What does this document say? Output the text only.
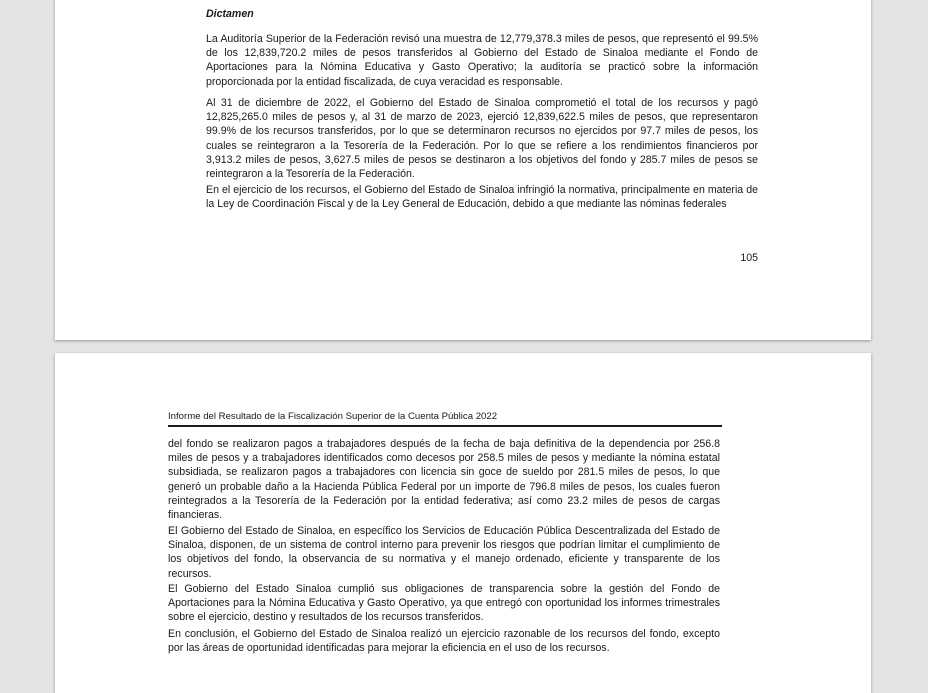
Dictamen

La Auditoría Superior de la Federación revisó una muestra de 12,779,378.3 miles de pesos, que representó el 99.5% de los 12,839,720.2 miles de pesos transferidos al Gobierno del Estado de Sinaloa mediante el Fondo de Aportaciones para la Nómina Educativa y Gasto Operativo; la auditoría se practicó sobre la información proporcionada por la entidad fiscalizada, de cuya veracidad es responsable.

Al 31 de diciembre de 2022, el Gobierno del Estado de Sinaloa comprometió el total de los recursos y pagó 12,825,265.0 miles de pesos y, al 31 de marzo de 2023, ejerció 12,839,622.5 miles de pesos, que representaron 99.9% de los recursos transferidos, por lo que se determinaron recursos no ejercidos por 97.7 miles de pesos, los cuales se reintegraron a la Tesorería de la Federación. Por lo que se refiere a los rendimientos financieros por 3,913.2 miles de pesos, 3,627.5 miles de pesos se destinaron a los objetivos del fondo y 285.7 miles de pesos se reintegraron a la Tesorería de la Federación.

En el ejercicio de los recursos, el Gobierno del Estado de Sinaloa infringió la normativa, principalmente en materia de la Ley de Coordinación Fiscal y de la Ley General de Educación, debido a que mediante las nóminas federales

105

Informe del Resultado de la Fiscalización Superior de la Cuenta Pública 2022

del fondo se realizaron pagos a trabajadores después de la fecha de baja definitiva de la dependencia por 256.8 miles de pesos y a trabajadores identificados como decesos por 258.5 miles de pesos y mediante la nómina estatal subsidiada, se realizaron pagos a trabajadores con licencia sin goce de sueldo por 281.5 miles de pesos, lo que generó un probable daño a la Hacienda Pública Federal por un importe de 796.8 miles de pesos, los cuales fueron reintegrados a la Tesorería de la Federación por la entidad federativa; así como 23.2 miles de pesos de cargas financieras.

El Gobierno del Estado de Sinaloa, en específico los Servicios de Educación Pública Descentralizada del Estado de Sinaloa, disponen, de un sistema de control interno para prevenir los riesgos que podrían limitar el cumplimiento de los objetivos del fondo, la observancia de su normativa y el manejo ordenado, eficiente y transparente de los recursos.

El Gobierno del Estado Sinaloa cumplió sus obligaciones de transparencia sobre la gestión del Fondo de Aportaciones para la Nómina Educativa y Gasto Operativo, ya que entregó con oportunidad los informes trimestrales sobre el ejercicio, destino y resultados de los recursos transferidos.

En conclusión, el Gobierno del Estado de Sinaloa realizó un ejercicio razonable de los recursos del fondo, excepto por las áreas de oportunidad identificadas para mejorar la eficiencia en el uso de los recursos.
